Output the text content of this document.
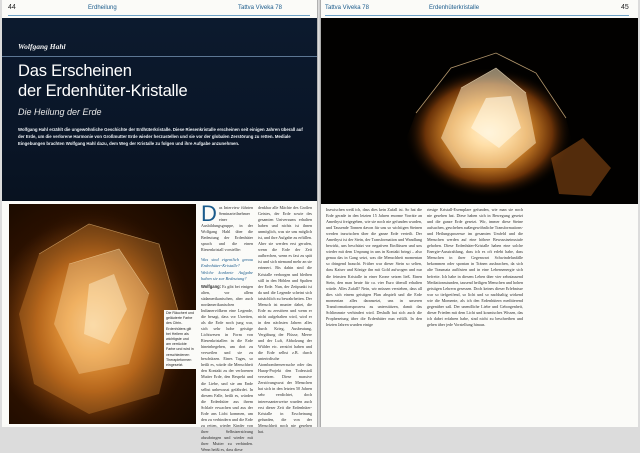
44	Erdheilung	Tattva Viveka 78
Wolfgang Hahl
Das Erscheinen
der Erdenhüter-Kristalle
Die Heilung der Erde
Wolfgang Hahl erzählt die ungewöhnliche Geschichte der Erdhüterkristalle. Diese Riesenkristalle erscheinen seit einigen Jahren überall auf der Erde, um die verlorene Harmonie von Großmutter Erde wieder herzustellen und sie vor der globalen Zerstörung zu retten. Mediale Eingebungen brachten Wolfgang Hahl dazu, dem Weg der Kristalle zu folgen und ihre Aufgabe anzunehmen.
Die Räuchert und geläuterte Farbe des Citrin-Erdenhüters gilt bei Heilern als wichtigste und am verrückte Farbe und wird in verschiedenen Therapieformen eingesetzt.

Das Interview führten Seminarteilnehmer einer Ausbildungsgruppe, in der Wolfgang Hahl über die Bedeutung der Erdenhüter sprach und die einen Riesenkristall vorstellte:

Was sind eigentlich genau Erdenhüter-Kristalle? Welche konkrete Aufgabe haben sie zur Bedeutung?

Wolfgang: Es gibt bei einigen alten, vor allem südamerikanischen, aber auch nordamerikanischen Indianervölkern eine Legende, die besagt, dass vor Urzeiten, als die Erde noch jung war, sich sehr hohe geistige Lichtwesen in Form von Riesenkristallen in die Erde hineinbegeben, um dort zu verweilen und sie zu beschützen. Eines Tages, so heißt es, würde die Menschheit den Kontakt zu der verlorenen Mutter Erde, den Respekt und die Liebe, und sie am Ende selbst unbewusst gefährdet. In diesem Falle, heißt es, würden die Erdenhüter aus ihrem Schlafe erwachen und aus der Erde ans Licht kommen, um den zu verhindern und die Erde zu retten, wieder Kinder von ihrer Selbstzerstörung abzubringen und wieder mit ihrer Mutter zu verbinden. Wenn heißt es, dass diese

denkbar alle Mächte des Großen Geistes, der Erde sowie des gesamten Universums erhalten haben und nichts ist ihnen unmöglich, was sie uns möglich ist, und ihre Aufgabe zu erfüllen. Aber sie werden erst gerufen, wenn die Erde der Zeit aufbrechen, wenn es fast zu spät ist und sich niemand mehr an sie erinnert. Bis dahin sind die Kristalle verborgen und bleiben still in den Höhlen und Spalten der Erde. Nun, der Zeitpunkt ist da und die Legende scheint sich tatsächlich zu bewahrheiten. Der Mensch ist munter dabei, die Erde zu zerstören und wenn er nicht aufgehalten wird, wird er in den nächsten Jahren alles durch Krieg, Ausbeutung, Vergiftung der Flüsse, Meere und der Luft, Abholzung der Wälder etc. zerstört haben und die Erde selbst z.B. durch unterirdische Atombombenversuche oder das Haarp-Projekt den Todesstoß versetzen. Diese massive Zerstörungswut der Menschen hat sich in den letzten 50 Jahren sehr verdichtet, doch interessanterweise wurden auch erst dieser Zeit die Erdenhüter-Kristalle in Erscheinung gefunden, die von der Menschheit noch nie gesehen hat.

Tattva Viveka 78	Erdenhüterkristalle	45

Inzwischen weiß ich, dass dies kein Zufall ist. So hat die Erde gerade in den letzten 15 Jahren enorme Vorräte an Amethyst freigegeben, wie sie noch nie gefunden wurden, und Tausende Tonnen davon für uns so wichtigen Steinen werden inzwischen über die ganze Erde verteilt. Der Amethyst ist der Stein, der Transformation und Wandlung bewirkt, uns beschützt vor negativen Einflüssen und uns wieder mit dem Ursprung in uns in Kontakt bringt – also genau das in Gang setzt, was die Menschheit momentan so dringend braucht. Früher war dieser Stein so selten, dass Kaiser und Könige ihn mit Gold aufwogen und nur die feinsten Kristalle in einer Krone setzen ließ. Einen Stein, den man heute für ca. vier Euro überall erhalten würde. Alles Zufall? Nein, wir müssen verstehen, dass all dies sich einem geistigen Plan abspielt und die Erde momentan alles daransetzt, uns in unseren Transformationsprozess zu unterstützen, damit das Schlimmste verhindert wird. Deshalb hat sich auch die Prophezeiung über die Erdenhüter nun erfüllt. In den letzten Jahren wurden einige

riesige Kristall-Exemplare gefunden, wie man sie noch nie gesehen hat. Diese haben sich in Bewegung gesetzt und die ganze Erde gesetzt. Wir, immer diese Steine aufsuchen, geschehen außergewöhnliche Transformations- und Heilungsprozesse im gesamten Umfeld und die Menschen werden auf eine höhere Bewusstseinsstufe gehoben. Diese Erdenhüter-Kristalle haben eine solche Energie-Ausstrahlung, dass ich es oft erlebt habe, dass Menschen in ihrer Gegenwart Schwindelanfälle bekommen oder spontan in Tränen ausbrachen, da sich alte Traumata auflösten und in eine Lebensenergie sich befreite. Ich habe in diesem Leben über vier zehntausend Mediationsstunden, tausend heiligen Menschen und hohen geistigen Lehrern gesessen. Doch keines dieser Erlebnisse war so tiefgreifend, so licht und so nachhaltig wirkend wie die Momente, als ich den Erdenhütern meditierend gegenüber saß. Der unendliche Liebe und Geborgenheit, dieser Frieden mit dem Licht und kosmisches Wissen, das ich dabei erfahren habe, sind nicht zu beschreiben und gehen über jede Vorstellung hinaus.
